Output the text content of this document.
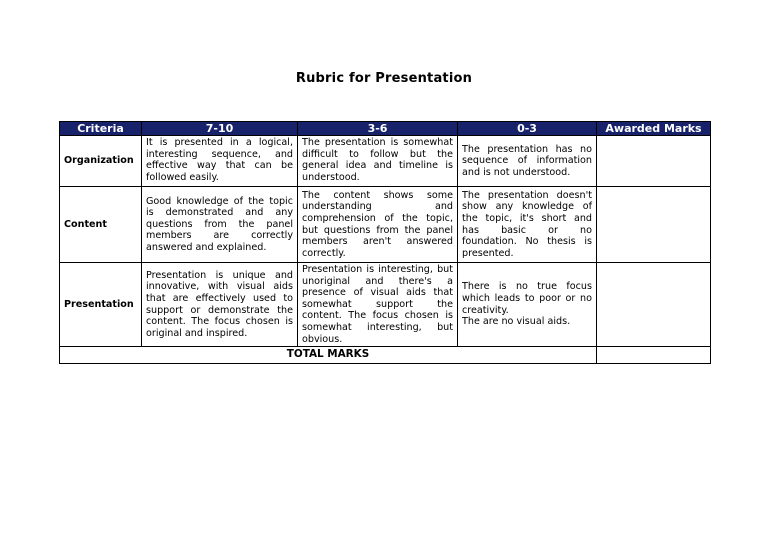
Rubric for Presentation
Criteria	7-10	3-6	0-3	Awarded Marks
Organization	It is presented in a logical, interesting sequence, and effective way that can be followed easily.	The presentation is somewhat difficult to follow but the general idea and timeline is understood.	The presentation has no sequence of information and is not understood.	
Content	Good knowledge of the topic is demonstrated and any questions from the panel members are correctly answered and explained.	The content shows some understanding and comprehension of the topic, but questions from the panel members aren't answered correctly.	The presentation doesn't show any knowledge of the topic, it's short and has basic or no foundation. No thesis is presented.	
Presentation	Presentation is unique and innovative, with visual aids that are effectively used to support or demonstrate the content. The focus chosen is original and inspired.	Presentation is interesting, but unoriginal and there's a presence of visual aids that somewhat support the content. The focus chosen is somewhat interesting, but obvious.	There is no true focus which leads to poor or no creativity.
The are no visual aids.	

TOTAL MARKS				
